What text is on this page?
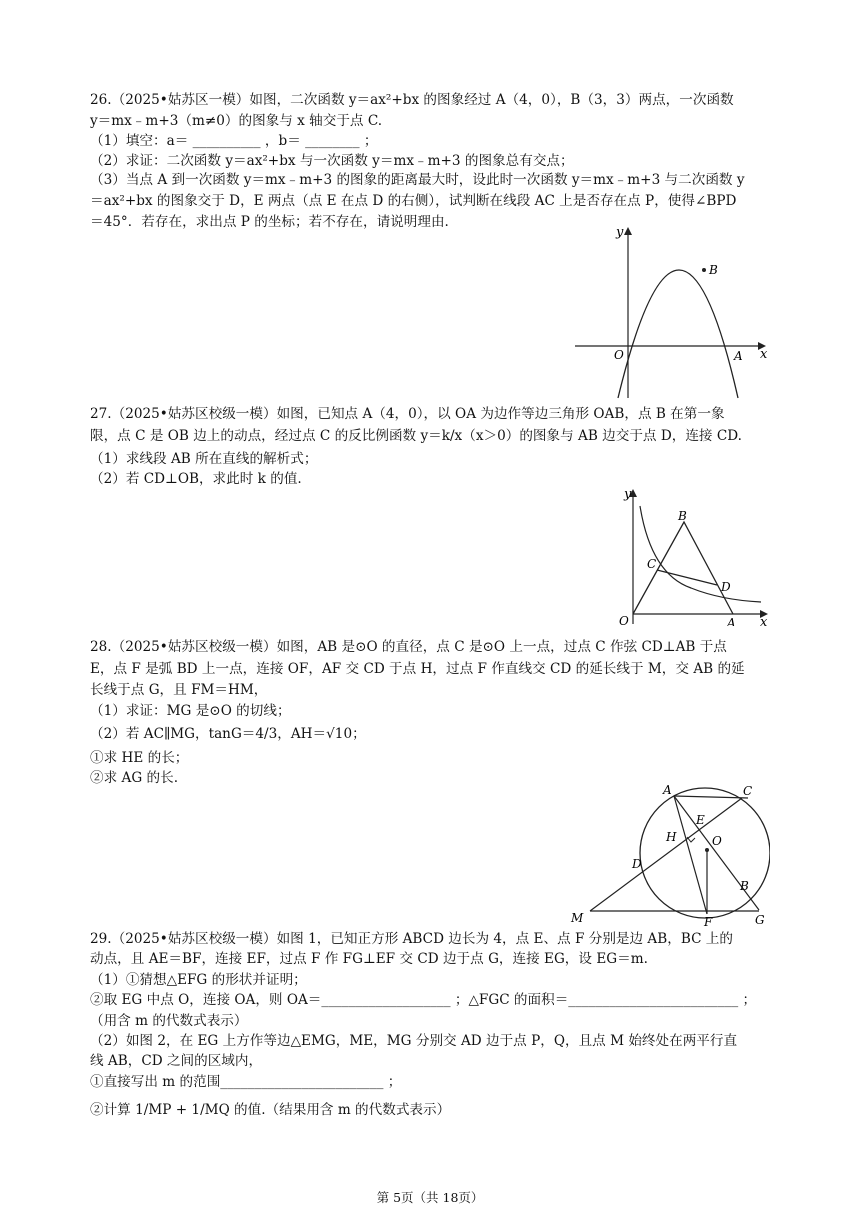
26.（2025•姑苏区一模）如图，二次函数 y＝ax²+bx 的图象经过 A（4，0），B（3，3）两点，一次函数
y＝mx﹣m+3（m≠0）的图象与 x 轴交于点 C.
（1）填空：a＝ __________ ，b＝ ________ ；
（2）求证：二次函数 y＝ax²+bx 与一次函数 y＝mx﹣m+3 的图象总有交点；
（3）当点 A 到一次函数 y＝mx﹣m+3 的图象的距离最大时，设此时一次函数 y＝mx﹣m+3 与二次函数 y
＝ax²+bx 的图象交于 D，E 两点（点 E 在点 D 的右侧），试判断在线段 AC 上是否存在点 P，使得∠BPD
＝45°．若存在，求出点 P 的坐标；若不存在，请说明理由.
y
x
O	A
B
27.（2025•姑苏区校级一模）如图，已知点 A（4，0），以 OA 为边作等边三角形 OAB，点 B 在第一象
限，点 C 是 OB 边上的动点，经过点 C 的反比例函数 y＝k/x（x＞0）的图象与 AB 边交于点 D，连接 CD.
（1）求线段 AB 所在直线的解析式；
（2）若 CD⊥OB，求此时 k 的值.
y
x
O	A
B
C
D
28.（2025•姑苏区校级一模）如图，AB 是⊙O 的直径，点 C 是⊙O 上一点，过点 C 作弦 CD⊥AB 于点
E，点 F 是弧 BD 上一点，连接 OF，AF 交 CD 于点 H，过点 F 作直线交 CD 的延长线于 M，交 AB 的延
长线于点 G，且 FM＝HM，
（1）求证：MG 是⊙O 的切线；
（2）若 AC∥MG，tanG＝4/3，AH＝√10；
①求 HE 的长；
②求 AG 的长.
A	C
E
H	O
D
B
M	F	G
29.（2025•姑苏区校级一模）如图 1，已知正方形 ABCD 边长为 4，点 E、点 F 分别是边 AB，BC 上的
动点，且 AE＝BF，连接 EF，过点 F 作 FG⊥EF 交 CD 边于点 G，连接 EG，设 EG＝m.
（1）①猜想△EFG 的形状并证明；
②取 EG 中点 O，连接 OA，则 OA＝___________________ ；△FGC 的面积＝_________________________ ；
（用含 m 的代数式表示）
（2）如图 2，在 EG 上方作等边△EMG，ME，MG 分别交 AD 边于点 P，Q，且点 M 始终处在两平行直
线 AB，CD 之间的区域内，
①直接写出 m 的范围________________________ ；
②计算 1/MP + 1/MQ 的值.（结果用含 m 的代数式表示）
第 5页（共 18页）
